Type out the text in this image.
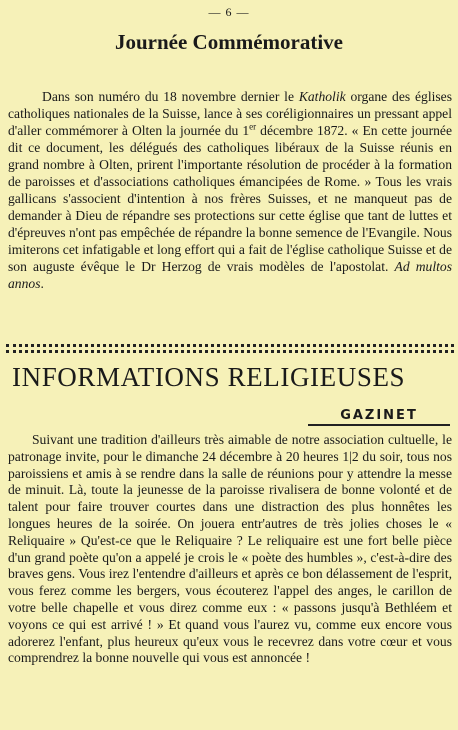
— 6 —
Journée Commémorative
Dans son numéro du 18 novembre dernier le Katholik organe des églises catholiques nationales de la Suisse, lance à ses coréligionnaires un pressant appel d'aller commémorer à Olten la journée du 1er décembre 1872. « En cette journée dit ce document, les délégués des catholiques libéraux de la Suisse réunis en grand nombre à Olten, prirent l'importante résolution de procéder à la formation de paroisses et d'associations catholiques émancipées de Rome. » Tous les vrais gallicans s'associent d'intention à nos frères Suisses, et ne manqueut pas de demander à Dieu de répandre ses protections sur cette église que tant de luttes et d'épreuves n'ont pas empêchée de répandre la bonne semence de l'Evangile. Nous imiterons cet infatigable et long effort qui a fait de l'église catholique Suisse et de son auguste évêque le Dr Herzog de vrais modèles de l'apostolat. Ad multos annos.
INFORMATIONS RELIGIEUSES
GAZINET
Suivant une tradition d'ailleurs très aimable de notre association cultuelle, le patronage invite, pour le dimanche 24 décembre à 20 heures 1|2 du soir, tous nos paroissiens et amis à se rendre dans la salle de réunions pour y attendre la messe de minuit. Là, toute la jeunesse de la paroisse rivalisera de bonne volonté et de talent pour faire trouver courtes dans une distraction des plus honnêtes les longues heures de la soirée. On jouera entr'autres de très jolies choses le « Reliquaire » Qu'est-ce que le Reliquaire ? Le reliquaire est une fort belle pièce d'un grand poète qu'on a appelé je crois le « poète des humbles », c'est-à-dire des braves gens. Vous irez l'entendre d'ailleurs et après ce bon délassement de l'esprit, vous ferez comme les bergers, vous écouterez l'appel des anges, le carillon de votre belle chapelle et vous direz comme eux : « passons jusqu'à Bethléem et voyons ce qui est arrivé ! » Et quand vous l'aurez vu, comme eux encore vous adorerez l'enfant, plus heureux qu'eux vous le recevrez dans votre cœur et vous comprendrez la bonne nouvelle qui vous est annoncée !
